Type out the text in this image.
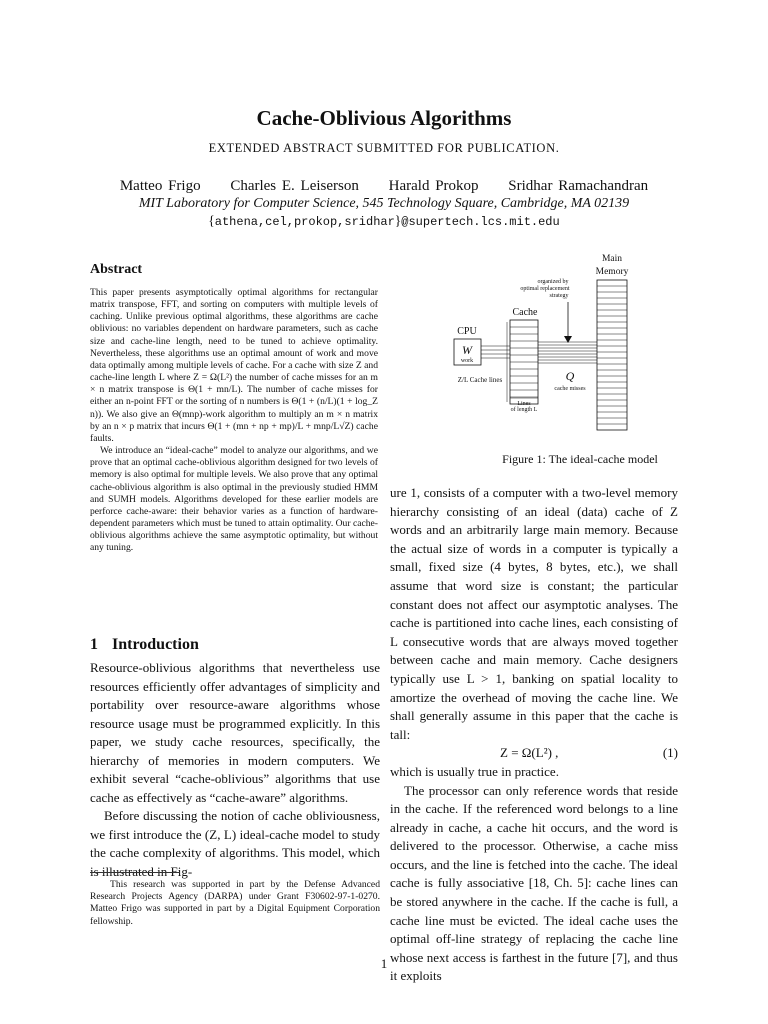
Cache-Oblivious Algorithms
EXTENDED ABSTRACT SUBMITTED FOR PUBLICATION.
Matteo Frigo Charles E. Leiserson Harald Prokop Sridhar Ramachandran
MIT Laboratory for Computer Science, 545 Technology Square, Cambridge, MA 02139
{athena,cel,prokop,sridhar}@supertech.lcs.mit.edu
Abstract

This paper presents asymptotically optimal algorithms for rectangular matrix transpose, FFT, and sorting on computers with multiple levels of caching. Unlike previous optimal algorithms, these algorithms are cache oblivious: no variables dependent on hardware parameters, such as cache size and cache-line length, need to be tuned to achieve optimality. Nevertheless, these algorithms use an optimal amount of work and move data optimally among multiple levels of cache. For a cache with size Z and cache-line length L where Z = Ω(L²) the number of cache misses for an m × n matrix transpose is Θ(1 + mn/L). The number of cache misses for either an n-point FFT or the sorting of n numbers is Θ(1 + (n/L)(1 + log_Z n)). We also give an Θ(mnp)-work algorithm to multiply an m × n matrix by an n × p matrix that incurs Θ(1 + (mn + np + mp)/L + mnp/L√Z) cache faults.

We introduce an “ideal-cache” model to analyze our algorithms, and we prove that an optimal cache-oblivious algorithm designed for two levels of memory is also optimal for multiple levels. We also prove that any optimal cache-oblivious algorithm is also optimal in the previously studied HMM and SUMH models. Algorithms developed for these earlier models are perforce cache-aware: their behavior varies as a function of hardware-dependent parameters which must be tuned to attain optimality. Our cache-oblivious algorithms achieve the same asymptotic optimality, but without any tuning.

1 Introduction

Resource-oblivious algorithms that nevertheless use resources efficiently offer advantages of simplicity and portability over resource-aware algorithms whose resource usage must be programmed explicitly. In this paper, we study cache resources, specifically, the hierarchy of memories in modern computers. We exhibit several “cache-oblivious” algorithms that use cache as effectively as “cache-aware” algorithms.

Before discussing the notion of cache obliviousness, we first introduce the (Z, L) ideal-cache model to study the cache complexity of algorithms. This model, which is illustrated in Fig-

This research was supported in part by the Defense Advanced Research Projects Agency (DARPA) under Grant F30602-97-1-0270. Matteo Frigo was supported in part by a Digital Equipment Corporation fellowship.
Main
Memory
organized by
optimal replacement
strategy
Cache
CPU
W
work
Z/L Cache lines	Q
cache misses
Lines
of length L
Figure 1: The ideal-cache model

ure 1, consists of a computer with a two-level memory hierarchy consisting of an ideal (data) cache of Z words and an arbitrarily large main memory. Because the actual size of words in a computer is typically a small, fixed size (4 bytes, 8 bytes, etc.), we shall assume that word size is constant; the particular constant does not affect our asymptotic analyses. The cache is partitioned into cache lines, each consisting of L consecutive words that are always moved together between cache and main memory. Cache designers typically use L > 1, banking on spatial locality to amortize the overhead of moving the cache line. We shall generally assume in this paper that the cache is tall:

Z = Ω(L²) ,	(1)

which is usually true in practice.

The processor can only reference words that reside in the cache. If the referenced word belongs to a line already in cache, a cache hit occurs, and the word is delivered to the processor. Otherwise, a cache miss occurs, and the line is fetched into the cache. The ideal cache is fully associative [18, Ch. 5]: cache lines can be stored anywhere in the cache. If the cache is full, a cache line must be evicted. The ideal cache uses the optimal off-line strategy of replacing the cache line whose next access is farthest in the future [7], and thus it exploits

1
